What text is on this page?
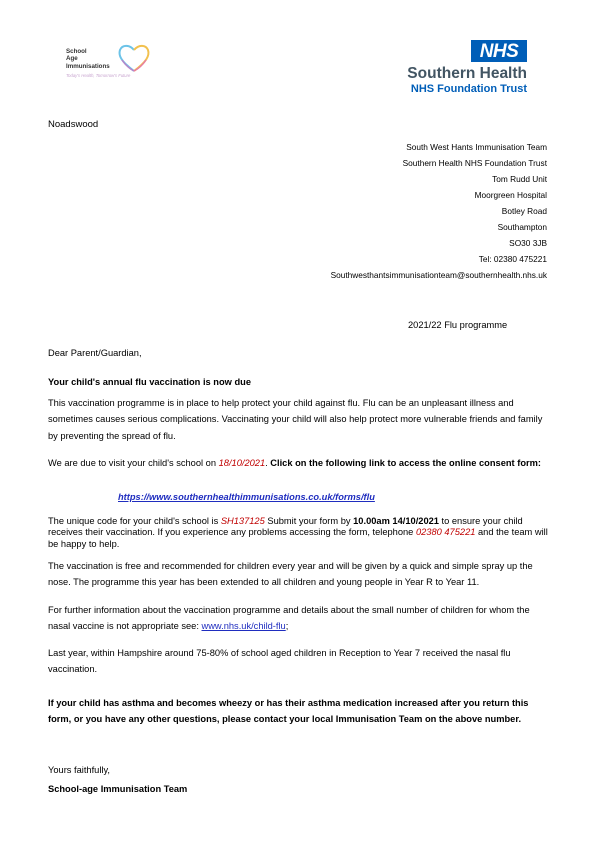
School
Age
Immunisations
Today's Health, Tomorrow's Future
NHS
Southern Health
NHS Foundation Trust
Noadswood
South West Hants Immunisation Team
Southern Health NHS Foundation Trust
Tom Rudd Unit
Moorgreen Hospital
Botley Road
Southampton
SO30 3JB
Tel: 02380 475221
Southwesthantsimmunisationteam@southernhealth.nhs.uk
2021/22 Flu programme
Dear Parent/Guardian,
Your child's annual flu vaccination is now due
This vaccination programme is in place to help protect your child against flu. Flu can be an unpleasant illness and sometimes causes serious complications. Vaccinating your child will also help protect more vulnerable friends and family by preventing the spread of flu.
We are due to visit your child's school on 18/10/2021. Click on the following link to access the online consent form:
https://www.southernhealthimmunisations.co.uk/forms/flu
The unique code for your child's school is SH137125 Submit your form by 10.00am 14/10/2021 to ensure your child receives their vaccination. If you experience any problems accessing the form, telephone 02380 475221 and the team will be happy to help.
The vaccination is free and recommended for children every year and will be given by a quick and simple spray up the nose. The programme this year has been extended to all children and young people in Year R to Year 11.
For further information about the vaccination programme and details about the small number of children for whom the nasal vaccine is not appropriate see: www.nhs.uk/child-flu;
Last year, within Hampshire around 75-80% of school aged children in Reception to Year 7 received the nasal flu vaccination.
If your child has asthma and becomes wheezy or has their asthma medication increased after you return this form, or you have any other questions, please contact your local Immunisation Team on the above number.
Yours faithfully,
School-age Immunisation Team
